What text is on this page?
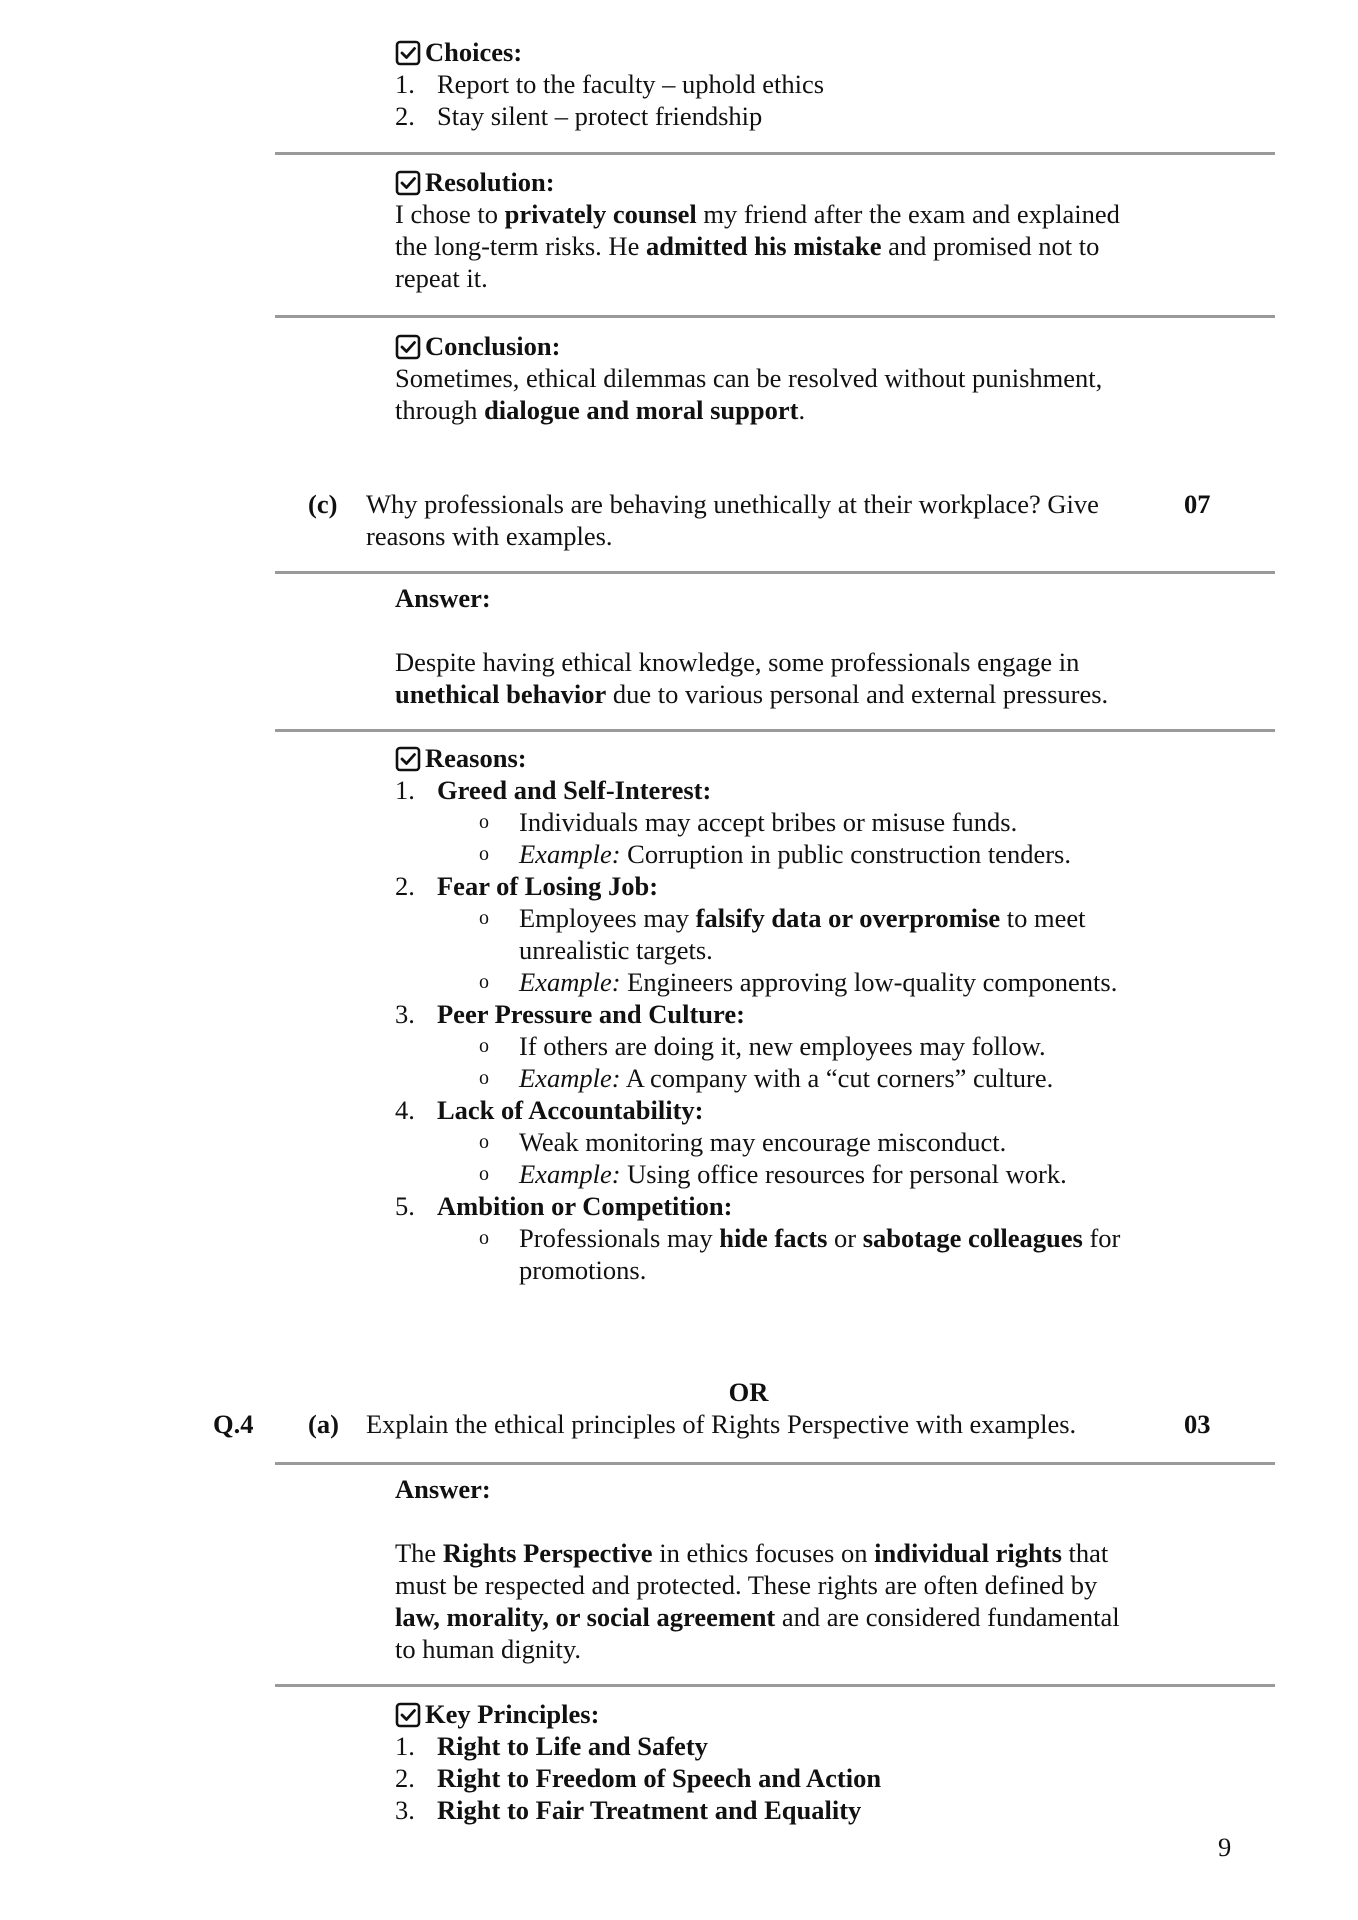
Choices:
1. Report to the faculty – uphold ethics
2. Stay silent – protect friendship
Resolution:
I chose to privately counsel my friend after the exam and explained
the long-term risks. He admitted his mistake and promised not to
repeat it.
Conclusion:
Sometimes, ethical dilemmas can be resolved without punishment,
through dialogue and moral support.
(c) Why professionals are behaving unethically at their workplace? Give
reasons with examples.
07
Answer:
Despite having ethical knowledge, some professionals engage in
unethical behavior due to various personal and external pressures.
Reasons:
1. Greed and Self-Interest:
o	Individuals may accept bribes or misuse funds.
o	Example: Corruption in public construction tenders.
2. Fear of Losing Job:
o	Employees may falsify data or overpromise to meet
unrealistic targets.
o	Example: Engineers approving low-quality components.
3. Peer Pressure and Culture:
o	If others are doing it, new employees may follow.
o	Example: A company with a “cut corners” culture.
4. Lack of Accountability:
o	Weak monitoring may encourage misconduct.
o	Example: Using office resources for personal work.
5. Ambition or Competition:
o	Professionals may hide facts or sabotage colleagues for
promotions.
OR
Q.4 (a) Explain the ethical principles of Rights Perspective with examples.	03
Answer:
The Rights Perspective in ethics focuses on individual rights that
must be respected and protected. These rights are often defined by
law, morality, or social agreement and are considered fundamental
to human dignity.
Key Principles:
1. Right to Life and Safety
2. Right to Freedom of Speech and Action
3. Right to Fair Treatment and Equality
9
